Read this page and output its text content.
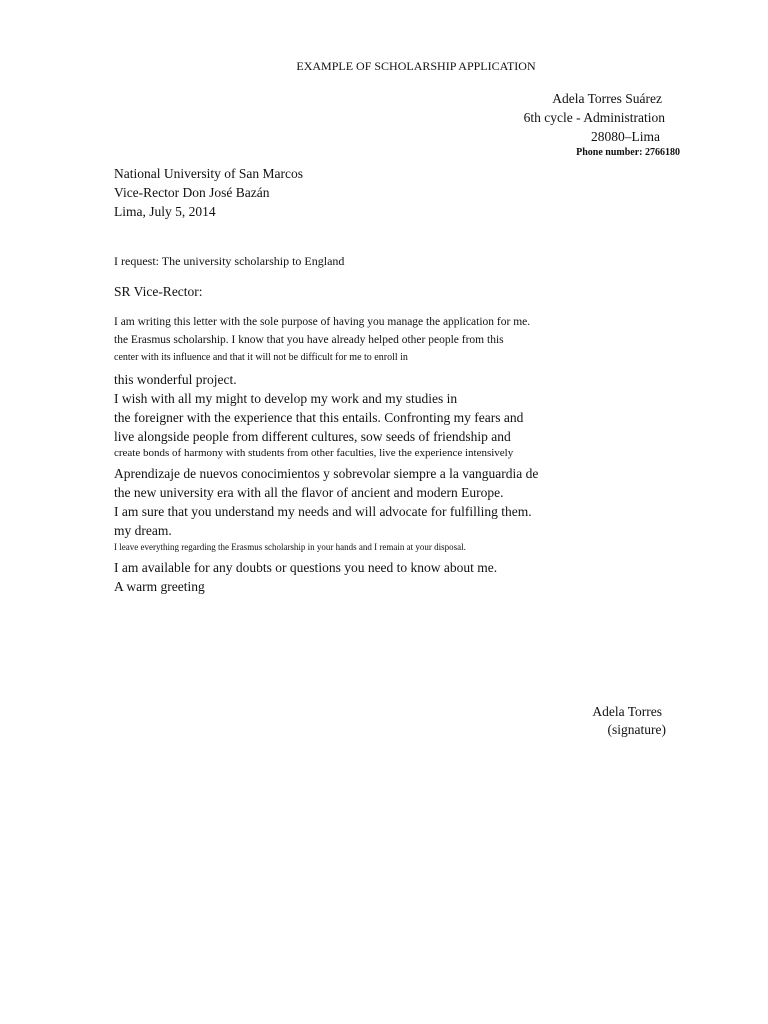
EXAMPLE OF SCHOLARSHIP APPLICATION
Adela Torres Suárez
6th cycle - Administration
28080–Lima
Phone number: 2766180
National University of San Marcos
Vice-Rector Don José Bazán
Lima, July 5, 2014
I request: The university scholarship to England
SR Vice-Rector:
I am writing this letter with the sole purpose of having you manage the application for me.
the Erasmus scholarship. I know that you have already helped other people from this
center with its influence and that it will not be difficult for me to enroll in
this wonderful project.
I wish with all my might to develop my work and my studies in
the foreigner with the experience that this entails. Confronting my fears and
live alongside people from different cultures, sow seeds of friendship and
create bonds of harmony with students from other faculties, live the experience intensively
Aprendizaje de nuevos conocimientos y sobrevolar siempre a la vanguardia de
the new university era with all the flavor of ancient and modern Europe.
I am sure that you understand my needs and will advocate for fulfilling them.
my dream.
I leave everything regarding the Erasmus scholarship in your hands and I remain at your disposal.
I am available for any doubts or questions you need to know about me.
A warm greeting
Adela Torres
(signature)
